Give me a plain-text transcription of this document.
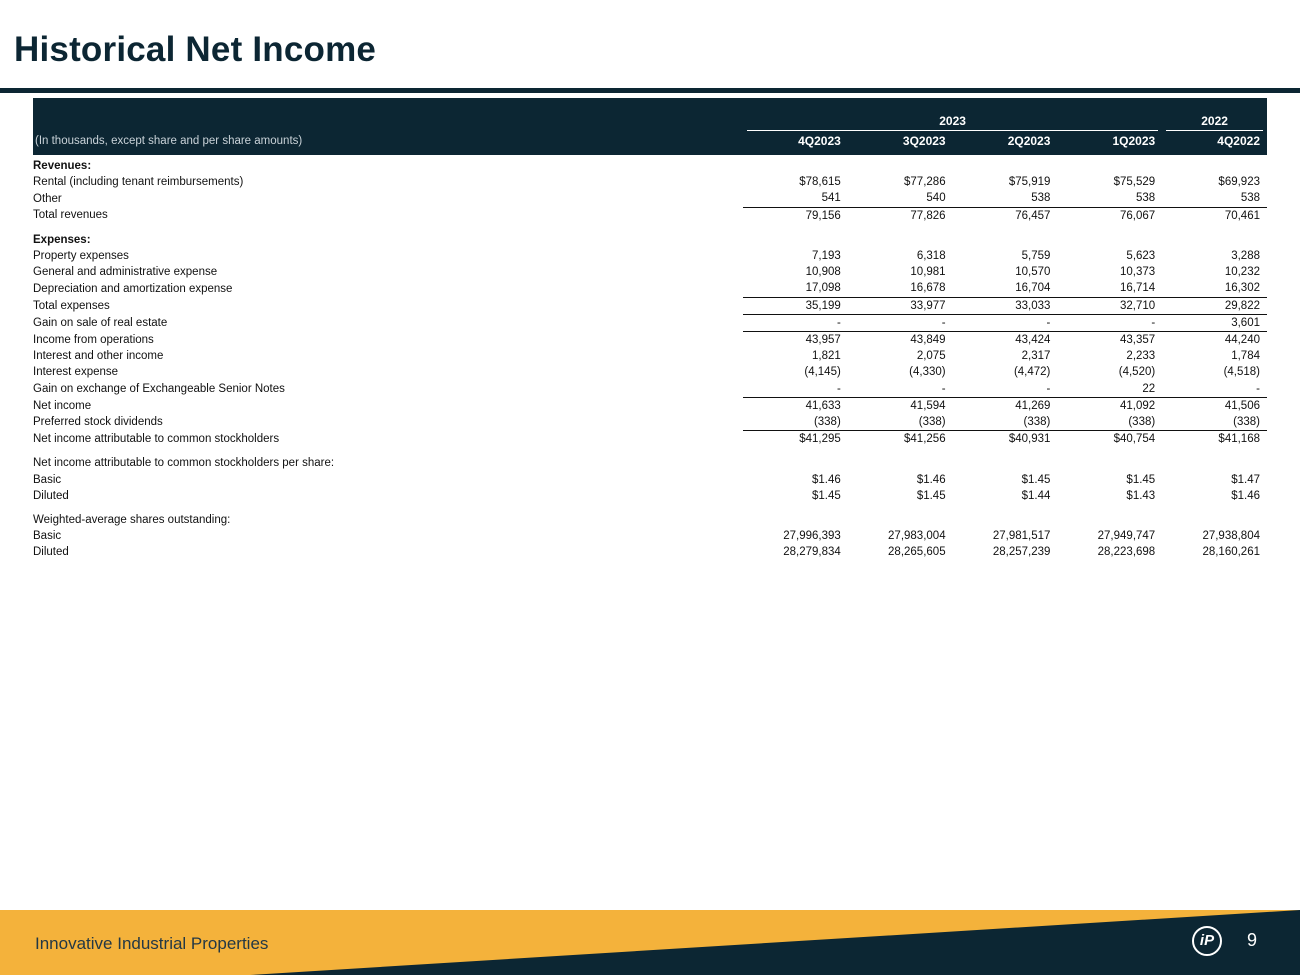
Historical Net Income

	2023				2022

(In thousands, except share and per share amounts)	4Q2023	3Q2023	2Q2023	1Q2023	4Q2022

Revenues:					
Rental (including tenant reimbursements)	$78,615	$77,286	$75,919	$75,529	$69,923
Other	541	540	538	538	538
Total revenues	79,156	77,826	76,457	76,067	70,461

Expenses:					
Property expenses	7,193	6,318	5,759	5,623	3,288
General and administrative expense	10,908	10,981	10,570	10,373	10,232
Depreciation and amortization expense	17,098	16,678	16,704	16,714	16,302
Total expenses	35,199	33,977	33,033	32,710	29,822
Gain on sale of real estate	-	-	-	-	3,601
Income from operations	43,957	43,849	43,424	43,357	44,240
Interest and other income	1,821	2,075	2,317	2,233	1,784
Interest expense	(4,145)	(4,330)	(4,472)	(4,520)	(4,518)
Gain on exchange of Exchangeable Senior Notes	-	-	-	22	-
Net income	41,633	41,594	41,269	41,092	41,506
Preferred stock dividends	(338)	(338)	(338)	(338)	(338)
Net income attributable to common stockholders	$41,295	$41,256	$40,931	$40,754	$41,168

Net income attributable to common stockholders per share:					
Basic	$1.46	$1.46	$1.45	$1.45	$1.47
Diluted	$1.45	$1.45	$1.44	$1.43	$1.46

Weighted-average shares outstanding:					
Basic	27,996,393	27,983,004	27,981,517	27,949,747	27,938,804
Diluted	28,279,834	28,265,605	28,257,239	28,223,698	28,160,261

Innovative Industrial Properties	iP	9
